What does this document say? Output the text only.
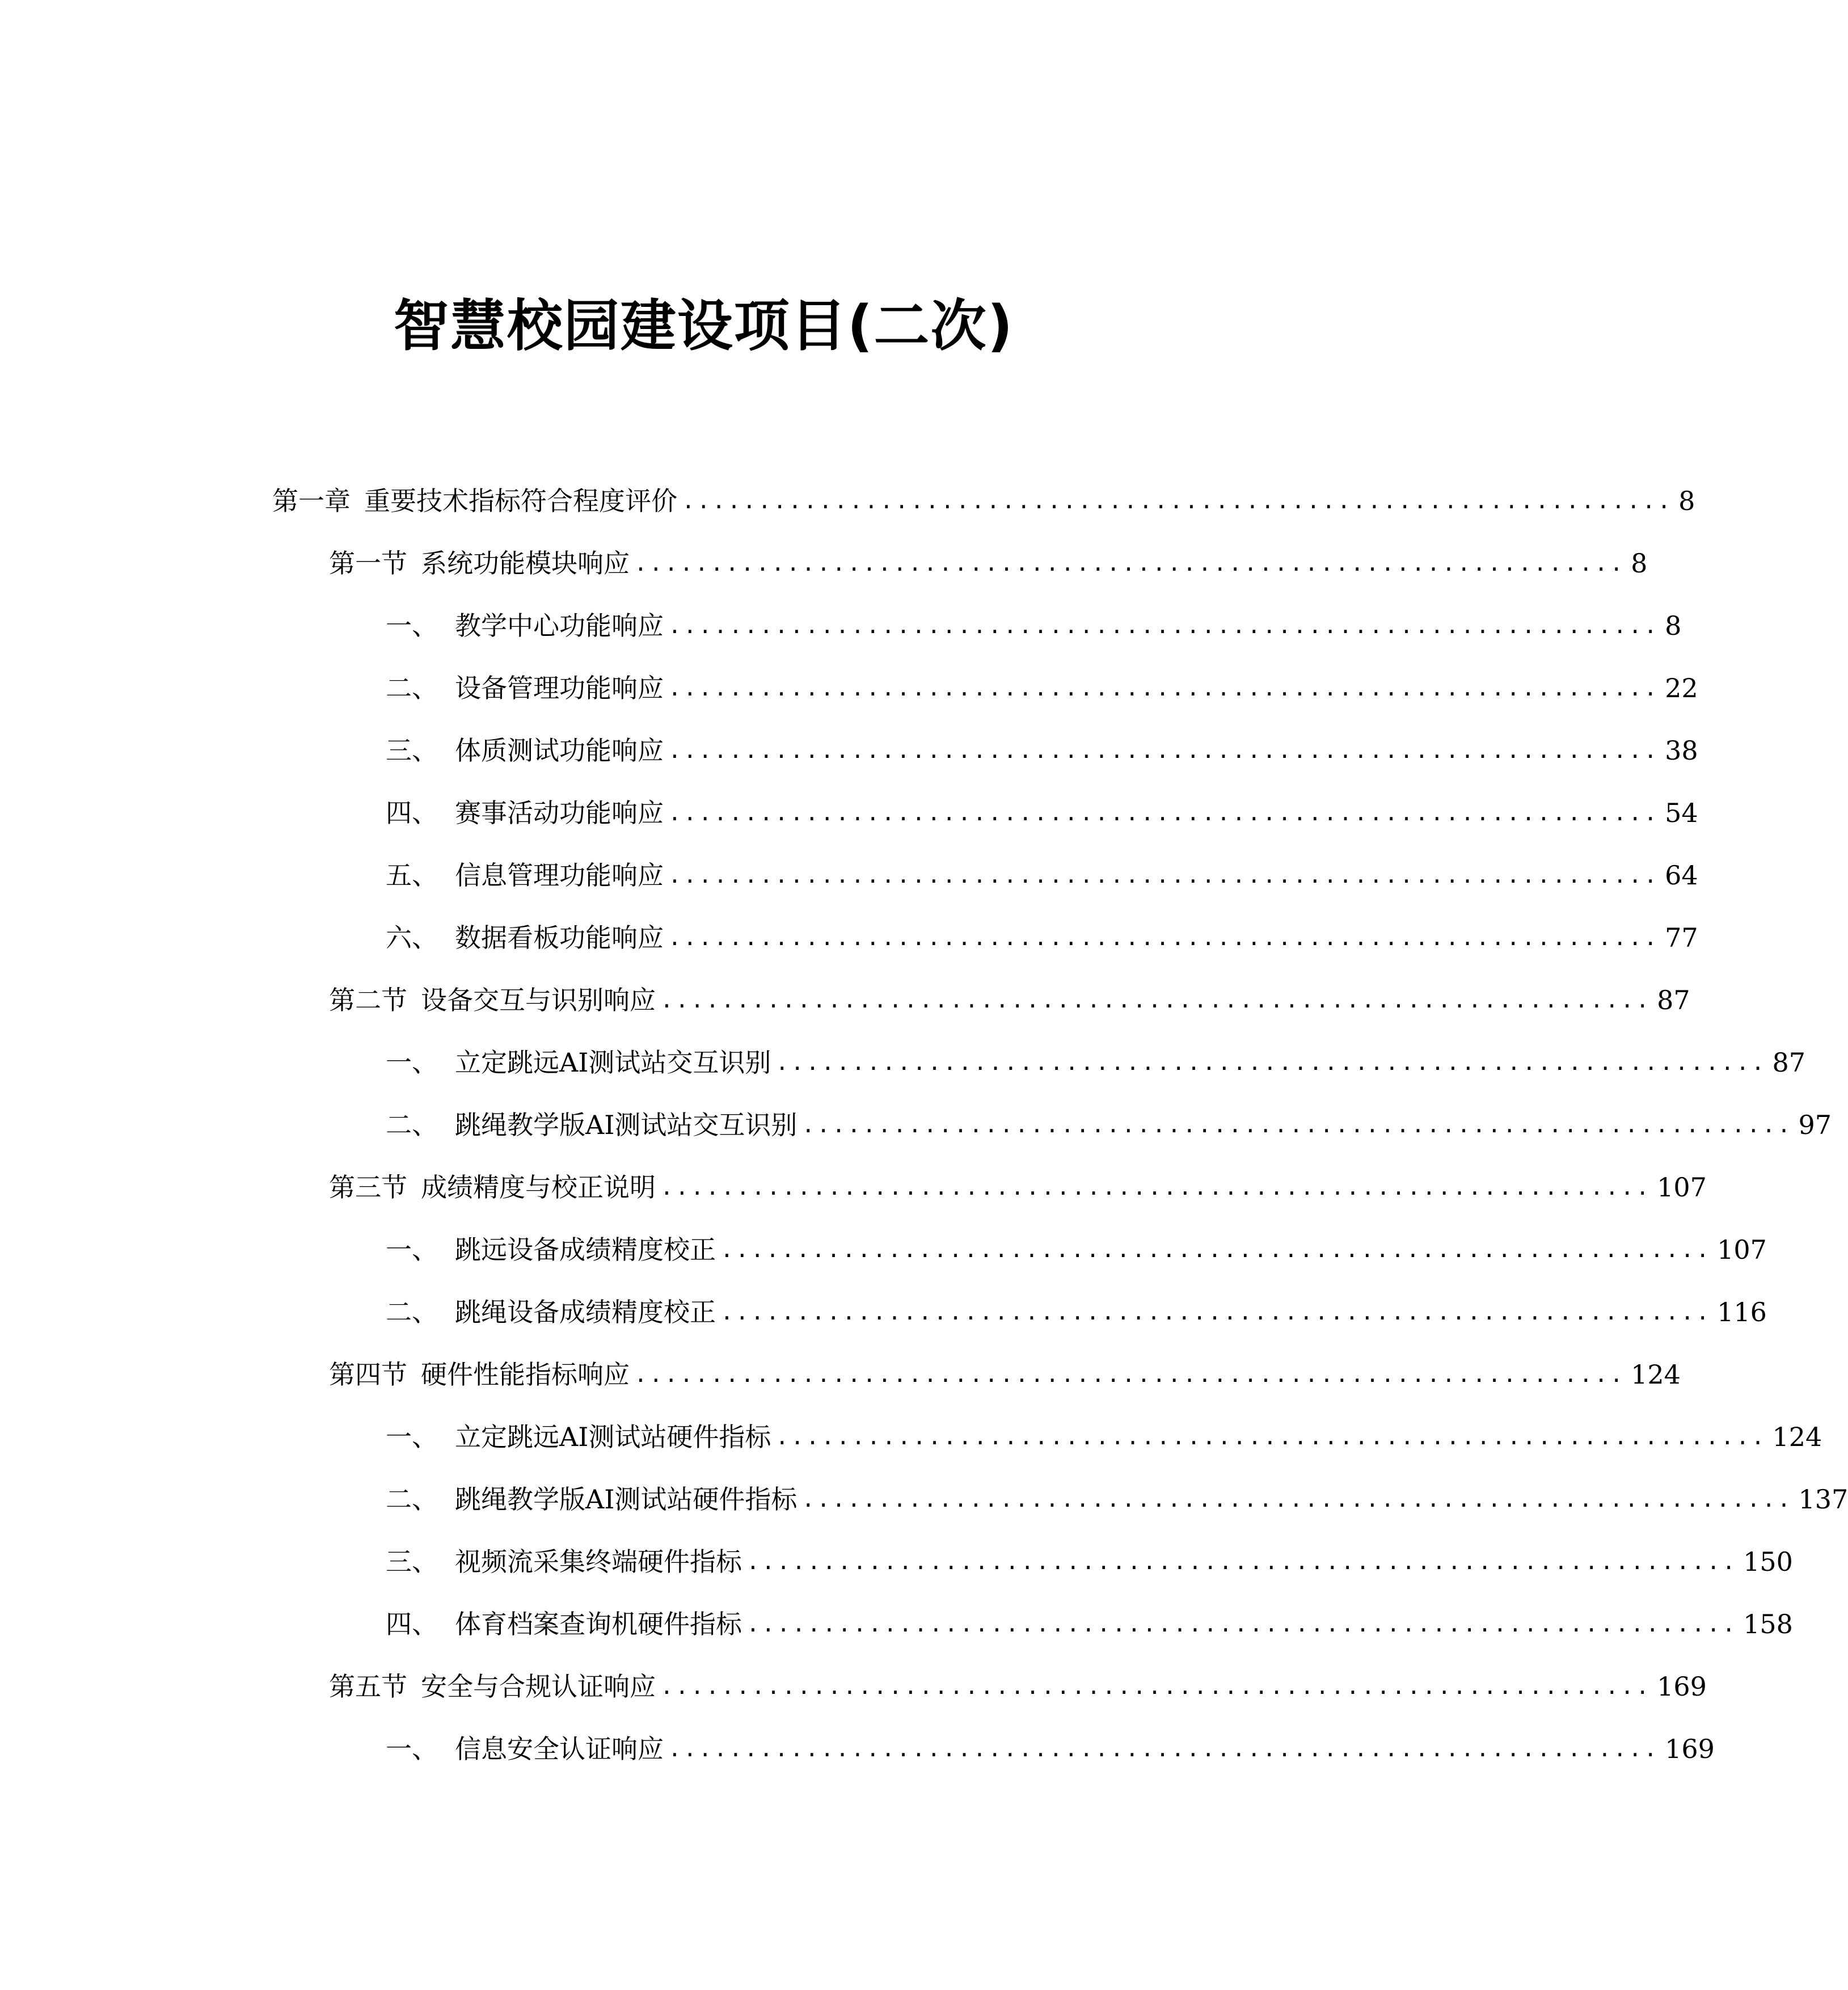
智慧校园建设项目(二次)
第一章 重要技术指标符合程度评价 ................................................................. 8
第一节 系统功能模块响应 ................................................................. 8
一、 教学中心功能响应 ................................................................. 8
二、 设备管理功能响应 ................................................................. 22
三、 体质测试功能响应 ................................................................. 38
四、 赛事活动功能响应 ................................................................. 54
五、 信息管理功能响应 ................................................................. 64
六、 数据看板功能响应 ................................................................. 77
第二节 设备交互与识别响应 ................................................................. 87
一、 立定跳远AI测试站交互识别 ................................................................. 87
二、 跳绳教学版AI测试站交互识别 ................................................................. 97
第三节 成绩精度与校正说明 ................................................................. 107
一、 跳远设备成绩精度校正 ................................................................. 107
二、 跳绳设备成绩精度校正 ................................................................. 116
第四节 硬件性能指标响应 ................................................................. 124
一、 立定跳远AI测试站硬件指标 ................................................................. 124
二、 跳绳教学版AI测试站硬件指标 ................................................................. 137
三、 视频流采集终端硬件指标 ................................................................. 150
四、 体育档案查询机硬件指标 ................................................................. 158
第五节 安全与合规认证响应 ................................................................. 169
一、 信息安全认证响应 ................................................................. 169
